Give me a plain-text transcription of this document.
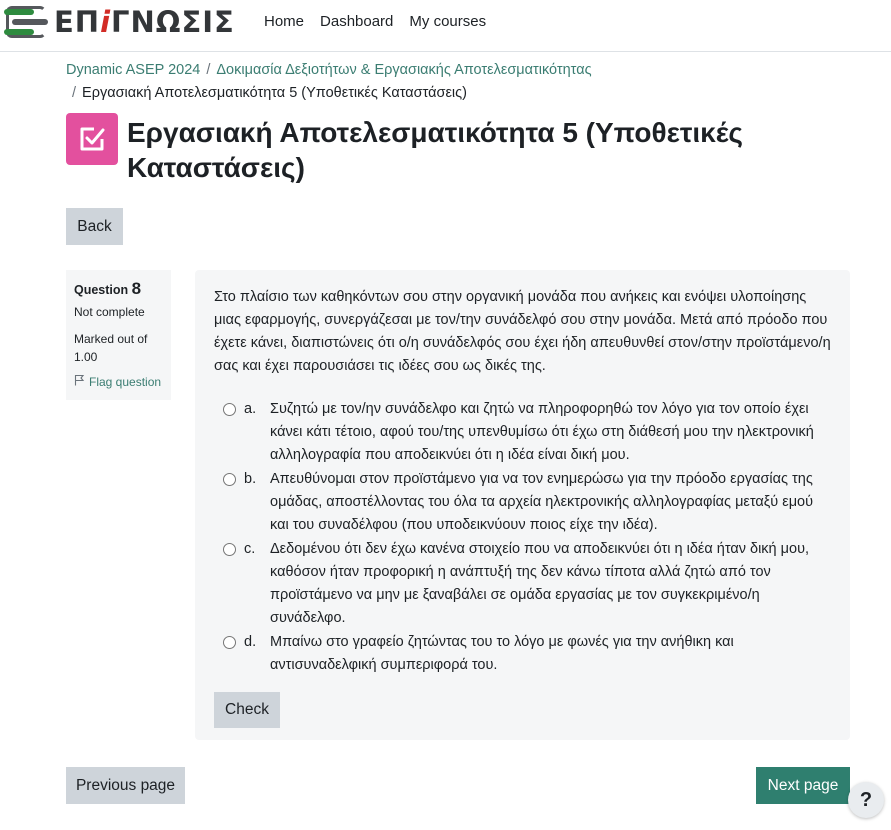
ΕΠiΓΝΩΣΙΣ Home Dashboard My courses
Dynamic ASEP 2024 / Δοκιμασία Δεξιοτήτων & Εργασιακής Αποτελεσματικότητας
/ Εργασιακή Αποτελεσματικότητα 5 (Υποθετικές Καταστάσεις)
Εργασιακή Αποτελεσματικότητα 5 (Υποθετικές Καταστάσεις)
Back
Question 8
Not complete
Marked out of 1.00
Flag question
Στο πλαίσιο των καθηκόντων σου στην οργανική μονάδα που ανήκεις και ενόψει υλοποίησης μιας εφαρμογής, συνεργάζεσαι με τον/την συνάδελφό σου στην μονάδα. Μετά από πρόοδο που έχετε κάνει, διαπιστώνεις ότι ο/η συνάδελφός σου έχει ήδη απευθυνθεί στον/στην προϊστάμενο/η σας και έχει παρουσιάσει τις ιδέες σου ως δικές της.
a. Συζητώ με τον/ην συνάδελφο και ζητώ να πληροφορηθώ τον λόγο για τον οποίο έχει κάνει κάτι τέτοιο, αφού του/της υπενθυμίσω ότι έχω στη διάθεσή μου την ηλεκτρονική αλληλογραφία που αποδεικνύει ότι η ιδέα είναι δική μου.
b. Απευθύνομαι στον προϊστάμενο για να τον ενημερώσω για την πρόοδο εργασίας της ομάδας, αποστέλλοντας του όλα τα αρχεία ηλεκτρονικής αλληλογραφίας μεταξύ εμού και του συναδέλφου (που υποδεικνύουν ποιος είχε την ιδέα).
c.	Δεδομένου ότι δεν έχω κανένα στοιχείο που να αποδεικνύει ότι η ιδέα ήταν δική μου, καθόσον ήταν προφορική η ανάπτυξή της δεν κάνω τίποτα αλλά ζητώ από τον προϊστάμενο να μην με ξαναβάλει σε ομάδα εργασίας με τον συγκεκριμένο/η συνάδελφο.
d. Μπαίνω στο γραφείο ζητώντας του το λόγο με φωνές για την ανήθικη και αντισυναδελφική συμπεριφορά του.
Check
Previous page	Next page
?
